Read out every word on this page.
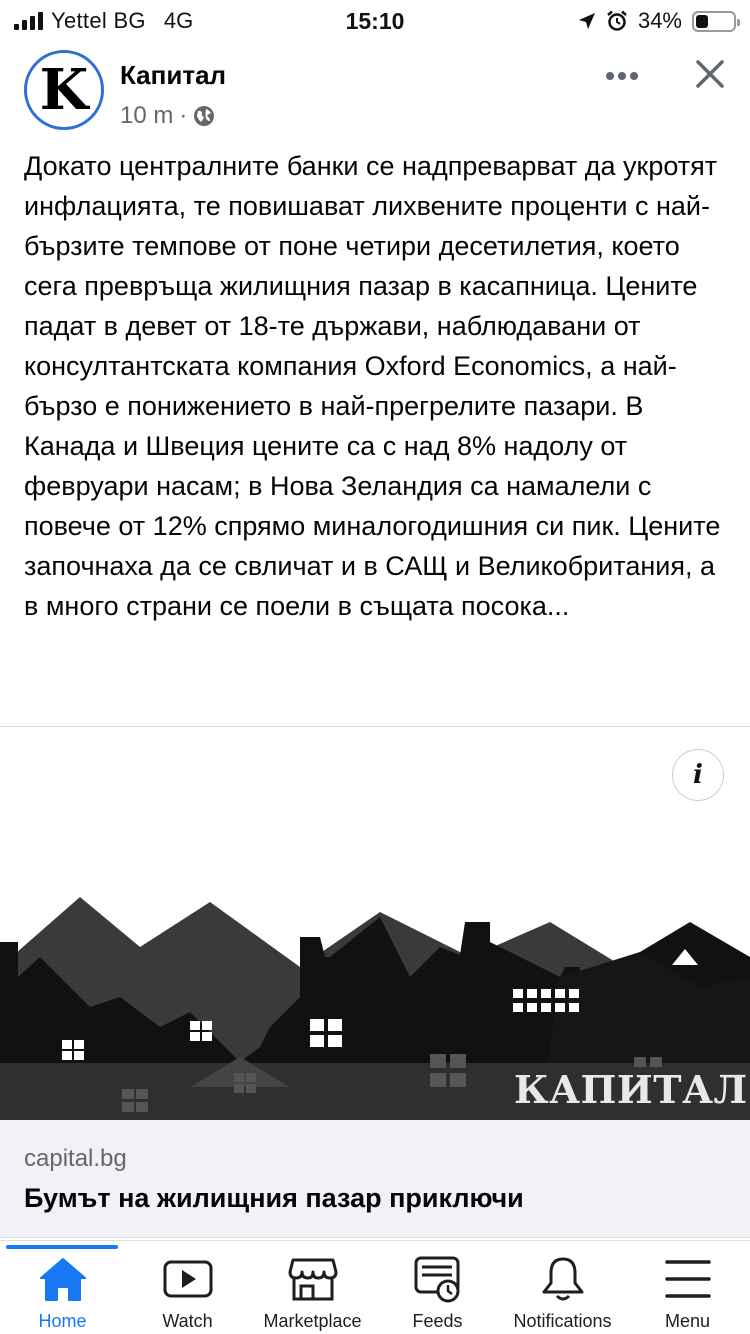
Yettel BG 4G	15:10	34%
K	Капитал
10 m ·
Докато централните банки се надпреварват да укротят инфлацията, те повишават лихвените проценти с най-бързите темпове от поне четири десетилетия, което сега превръща жилищния пазар в касапница. Цените падат в девет от 18-те държави, наблюдавани от консултантската компания Oxford Economics, а най-бързо е понижението в най-прегрелите пазари. В Канада и Швеция цените са с над 8% надолу от февруари насам; в Нова Зеландия са намалели с повече от 12% спрямо миналогодишния си пик. Цените започнаха да се свличат и в САЩ и Великобритания, а в много страни се поели в същата посока...
i
КАПИТАЛ
capital.bg
Бумът на жилищния пазар приключи
Home	Watch	Marketplace	Feeds	Notifications	Menu
